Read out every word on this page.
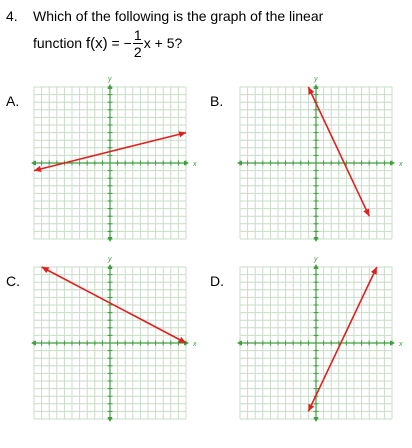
4. Which of the following is the graph of the linear
function
f(x)
=
− $\frac{1}{2}$ x + 5?
A.	B.
C.	D.
x
y
x
y
x
y
x
y
